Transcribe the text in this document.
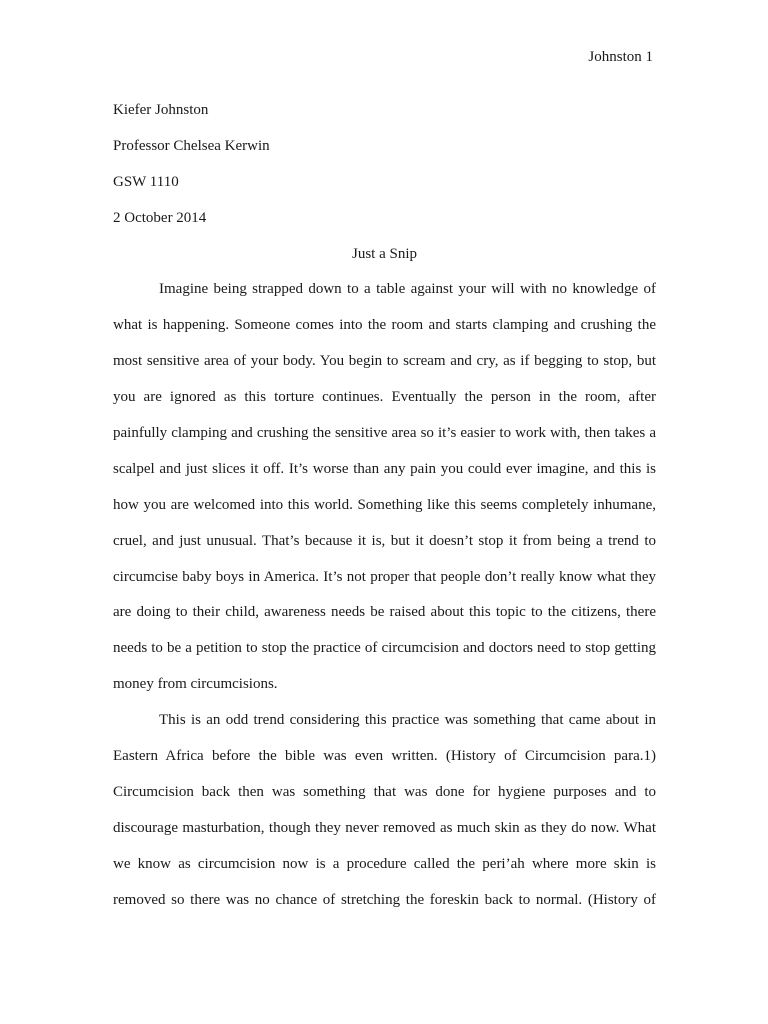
Johnston 1
Kiefer Johnston
Professor Chelsea Kerwin
GSW 1110
2 October 2014
Just a Snip
Imagine being strapped down to a table against your will with no knowledge of
what is happening. Someone comes into the room and starts clamping and crushing the
most sensitive area of your body. You begin to scream and cry, as if begging to stop, but
you are ignored as this torture continues. Eventually the person in the room, after
painfully clamping and crushing the sensitive area so it’s easier to work with, then takes a
scalpel and just slices it off. It’s worse than any pain you could ever imagine, and this is
how you are welcomed into this world. Something like this seems completely inhumane,
cruel, and just unusual. That’s because it is, but it doesn’t stop it from being a trend to
circumcise baby boys in America. It’s not proper that people don’t really know what they
are doing to their child, awareness needs be raised about this topic to the citizens, there
needs to be a petition to stop the practice of circumcision and doctors need to stop getting
money from circumcisions.
This is an odd trend considering this practice was something that came about in
Eastern Africa before the bible was even written. (History of Circumcision para.1)
Circumcision back then was something that was done for hygiene purposes and to
discourage masturbation, though they never removed as much skin as they do now. What
we know as circumcision now is a procedure called the peri’ah where more skin is
removed so there was no chance of stretching the foreskin back to normal. (History of
